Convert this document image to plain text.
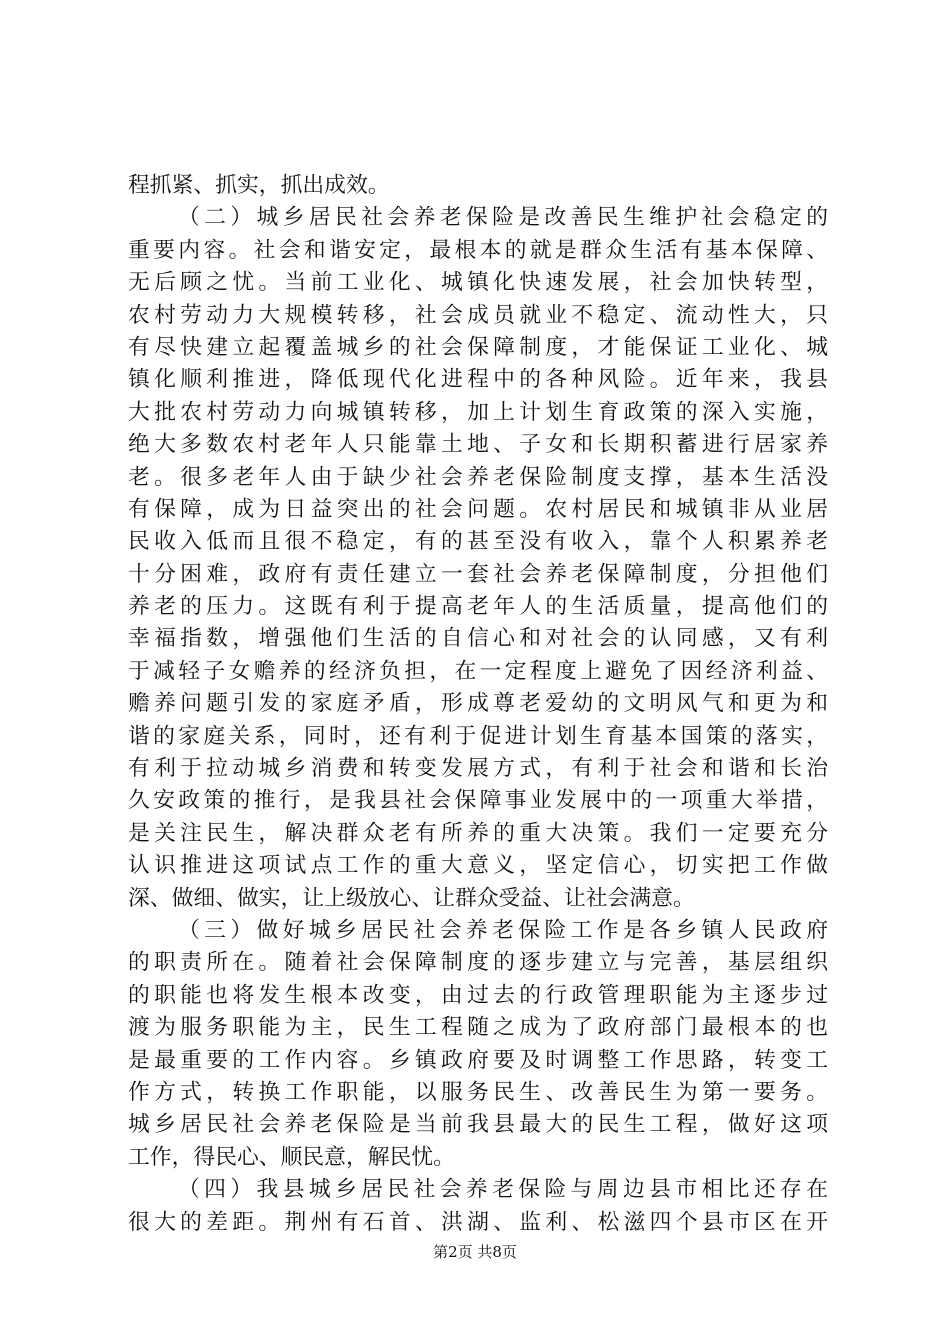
程抓紧、抓实，抓出成效。
（二）城乡居民社会养老保险是改善民生维护社会稳定的
重要内容。社会和谐安定，最根本的就是群众生活有基本保障、
无后顾之忧。当前工业化、城镇化快速发展，社会加快转型，
农村劳动力大规模转移，社会成员就业不稳定、流动性大，只
有尽快建立起覆盖城乡的社会保障制度，才能保证工业化、城
镇化顺利推进，降低现代化进程中的各种风险。近年来，我县
大批农村劳动力向城镇转移，加上计划生育政策的深入实施，
绝大多数农村老年人只能靠土地、子女和长期积蓄进行居家养
老。很多老年人由于缺少社会养老保险制度支撑，基本生活没
有保障，成为日益突出的社会问题。农村居民和城镇非从业居
民收入低而且很不稳定，有的甚至没有收入，靠个人积累养老
十分困难，政府有责任建立一套社会养老保障制度，分担他们
养老的压力。这既有利于提高老年人的生活质量，提高他们的
幸福指数，增强他们生活的自信心和对社会的认同感，又有利
于减轻子女赡养的经济负担，在一定程度上避免了因经济利益、
赡养问题引发的家庭矛盾，形成尊老爱幼的文明风气和更为和
谐的家庭关系，同时，还有利于促进计划生育基本国策的落实，
有利于拉动城乡消费和转变发展方式，有利于社会和谐和长治
久安政策的推行，是我县社会保障事业发展中的一项重大举措，
是关注民生，解决群众老有所养的重大决策。我们一定要充分
认识推进这项试点工作的重大意义，坚定信心，切实把工作做
深、做细、做实，让上级放心、让群众受益、让社会满意。
（三）做好城乡居民社会养老保险工作是各乡镇人民政府
的职责所在。随着社会保障制度的逐步建立与完善，基层组织
的职能也将发生根本改变，由过去的行政管理职能为主逐步过
渡为服务职能为主，民生工程随之成为了政府部门最根本的也
是最重要的工作内容。乡镇政府要及时调整工作思路，转变工
作方式，转换工作职能，以服务民生、改善民生为第一要务。
城乡居民社会养老保险是当前我县最大的民生工程，做好这项
工作，得民心、顺民意，解民忧。
（四）我县城乡居民社会养老保险与周边县市相比还存在
很大的差距。荆州有石首、洪湖、监利、松滋四个县市区在开
第2页 共8页
